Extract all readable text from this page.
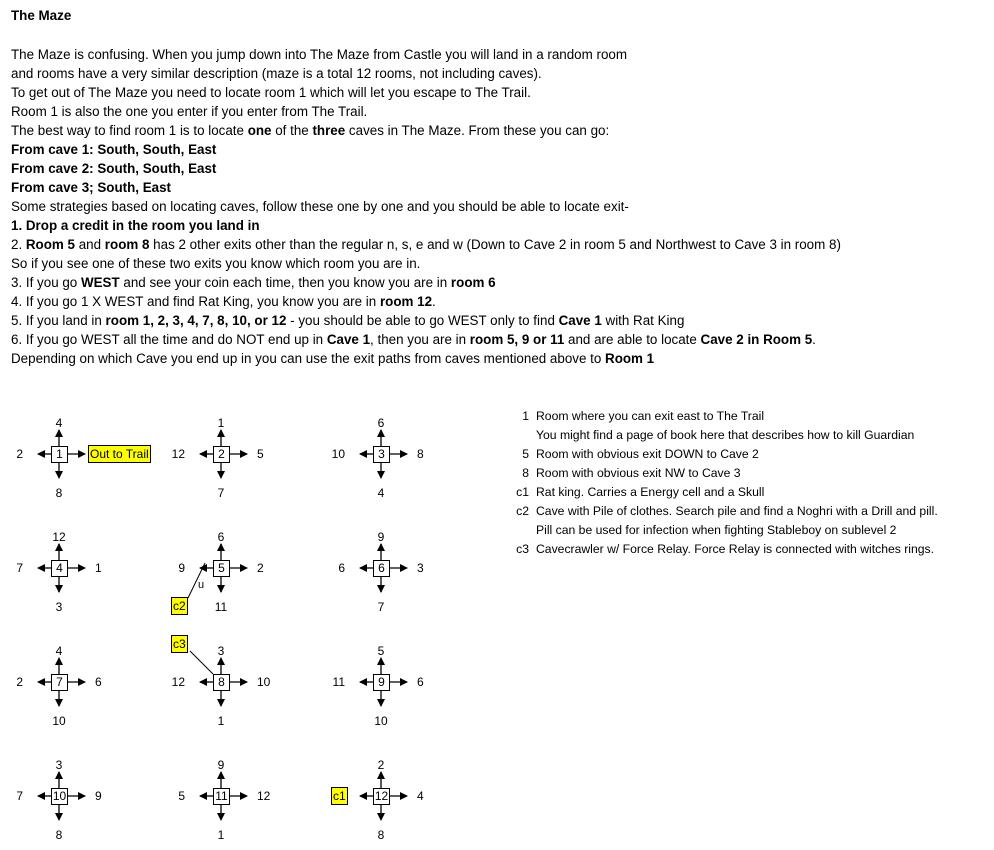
The Maze
The Maze is confusing. When you jump down into The Maze from Castle you will land in a random room
and rooms have a very similar description (maze is a total 12 rooms, not including caves).
To get out of The Maze you need to locate room 1 which will let you escape to The Trail.
Room 1 is also the one you enter if you enter from The Trail.
The best way to find room 1 is to locate one of the three caves in The Maze. From these you can go:
From cave 1: South, South, East
From cave 2: South, South, East
From cave 3; South, East
Some strategies based on locating caves, follow these one by one and you should be able to locate exit-
1. Drop a credit in the room you land in
2. Room 5 and room 8 has 2 other exits other than the regular n, s, e and w (Down to Cave 2 in room 5 and Northwest to Cave 3 in room 8)
So if you see one of these two exits you know which room you are in.
3. If you go WEST and see your coin each time, then you know you are in room 6
4. If you go 1 X WEST and find Rat King, you know you are in room 12.
5. If you land in room 1, 2, 3, 4, 7, 8, 10, or 12 - you should be able to go WEST only to find Cave 1 with Rat King
6. If you go WEST all the time and do NOT end up in Cave 1, then you are in room 5, 9 or 11 and are able to locate Cave 2 in Room 5.
Depending on which Cave you end up in you can use the exit paths from caves mentioned above to Room 1
1
4
8
2	2
1
7
12	5	3
6
4
10	8
4
12
3
7	1	5
6
11
9	2	6
9
7
6	3
7
4
10
2	6	8
3
1
12	10	9
5
10
11	6
10
3
8
7	9	11
9
1
5	12	12
2
8
4
Out to Trail
c2
c3
c1
u
1 Room where you can exit east to The Trail
You might find a page of book here that describes how to kill Guardian
5 Room with obvious exit DOWN to Cave 2
8 Room with obvious exit NW to Cave 3
c1 Rat king. Carries a Energy cell and a Skull
c2 Cave with Pile of clothes. Search pile and find a Noghri with a Drill and pill.
Pill can be used for infection when fighting Stableboy on sublevel 2
c3 Cavecrawler w/ Force Relay. Force Relay is connected with witches rings.
